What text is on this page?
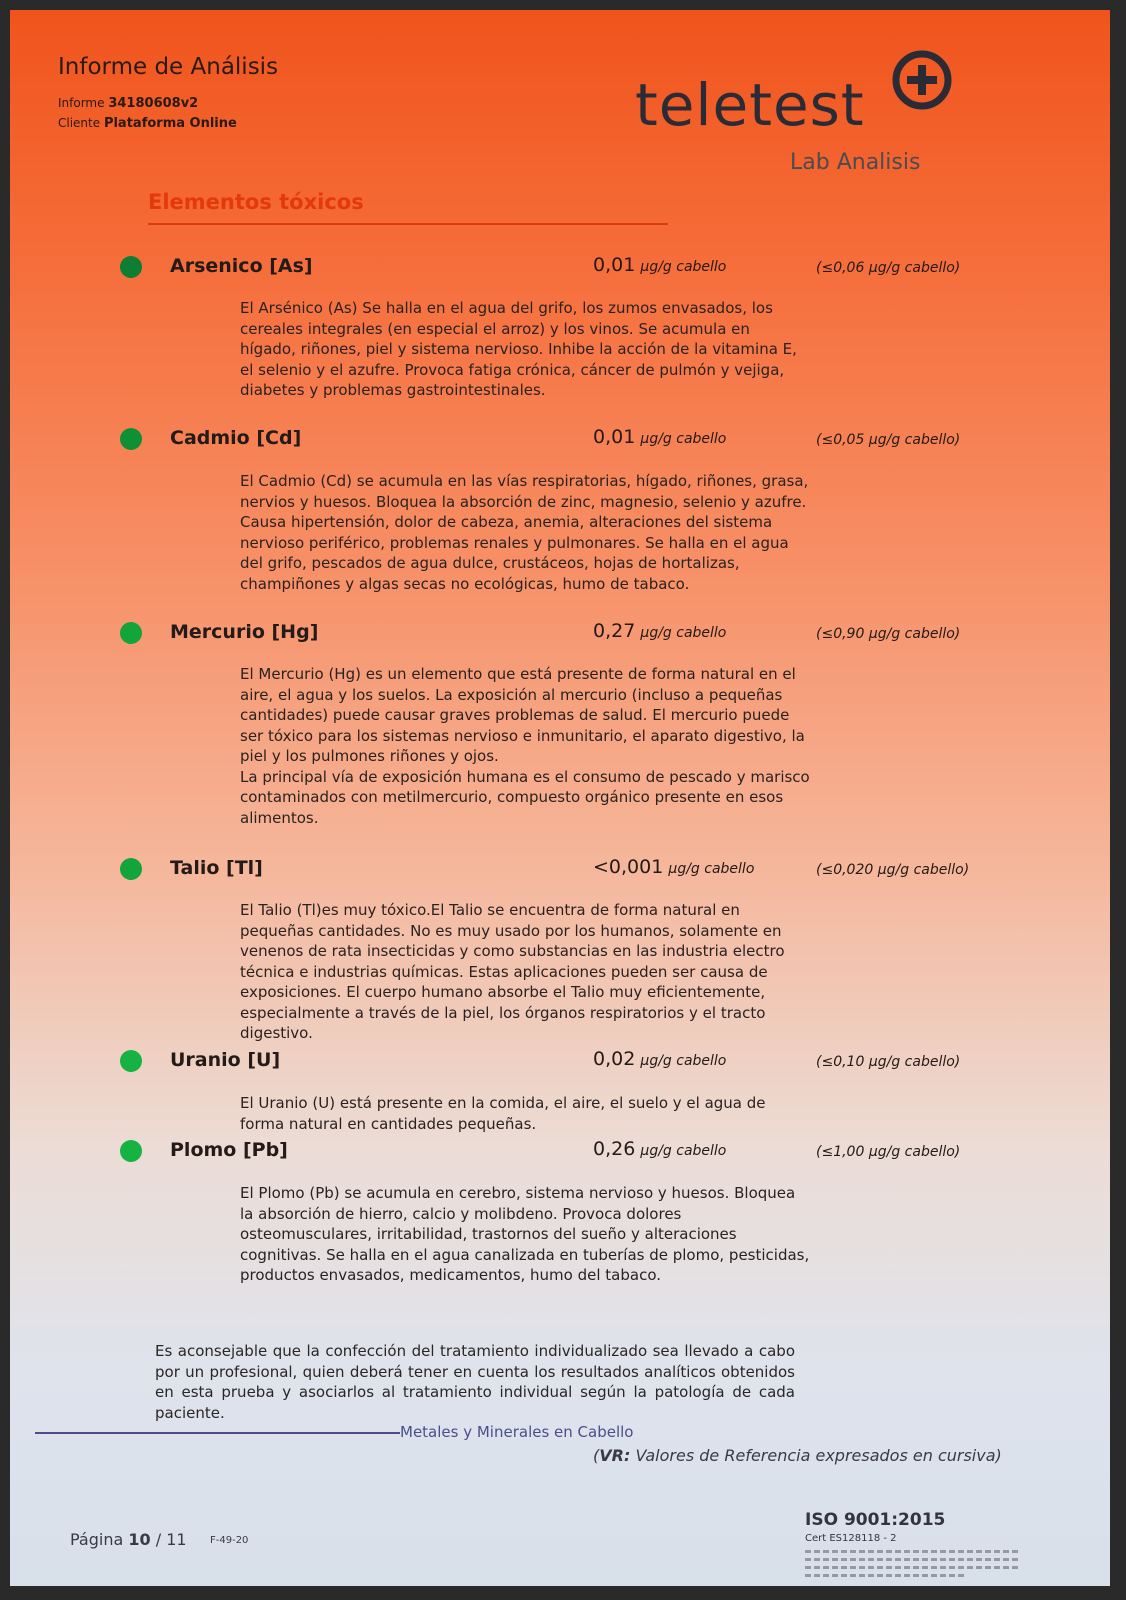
Informe de Análisis
Informe 34180608v2
Cliente Plataforma Online	teletest
Lab Analisis
Elementos tóxicos
Arsenico [As]	0,01 μg/g cabello	(≤0,06 μg/g cabello)

El Arsénico (As) Se halla en el agua del grifo, los zumos envasados, los cereales integrales (en especial el arroz) y los vinos. Se acumula en hígado, riñones, piel y sistema nervioso. Inhibe la acción de la vitamina E, el selenio y el azufre. Provoca fatiga crónica, cáncer de pulmón y vejiga, diabetes y problemas gastrointestinales.

Cadmio [Cd]	0,01 μg/g cabello	(≤0,05 μg/g cabello)

El Cadmio (Cd) se acumula en las vías respiratorias, hígado, riñones, grasa, nervios y huesos. Bloquea la absorción de zinc, magnesio, selenio y azufre. Causa hipertensión, dolor de cabeza, anemia, alteraciones del sistema nervioso periférico, problemas renales y pulmonares. Se halla en el agua del grifo, pescados de agua dulce, crustáceos, hojas de hortalizas, champiñones y algas secas no ecológicas, humo de tabaco.

Mercurio [Hg]	0,27 μg/g cabello	(≤0,90 μg/g cabello)

El Mercurio (Hg) es un elemento que está presente de forma natural en el aire, el agua y los suelos. La exposición al mercurio (incluso a pequeñas cantidades) puede causar graves problemas de salud. El mercurio puede ser tóxico para los sistemas nervioso e inmunitario, el aparato digestivo, la piel y los pulmones riñones y ojos.

La principal vía de exposición humana es el consumo de pescado y marisco contaminados con metilmercurio, compuesto orgánico presente en esos alimentos.

Talio [Tl]	<0,001 μg/g cabello	(≤0,020 μg/g cabello)

El Talio (Tl)es muy tóxico.El Talio se encuentra de forma natural en pequeñas cantidades. No es muy usado por los humanos, solamente en venenos de rata insecticidas y como substancias en las industria electro técnica e industrias químicas. Estas aplicaciones pueden ser causa de exposiciones. El cuerpo humano absorbe el Talio muy eficientemente, especialmente a través de la piel, los órganos respiratorios y el tracto digestivo.

Uranio [U]	0,02 μg/g cabello	(≤0,10 μg/g cabello)

El Uranio (U) está presente en la comida, el aire, el suelo y el agua de forma natural en cantidades pequeñas.

Plomo [Pb]	0,26 μg/g cabello	(≤1,00 μg/g cabello)

El Plomo (Pb) se acumula en cerebro, sistema nervioso y huesos. Bloquea la absorción de hierro, calcio y molibdeno. Provoca dolores osteomusculares, irritabilidad, trastornos del sueño y alteraciones cognitivas. Se halla en el agua canalizada en tuberías de plomo, pesticidas, productos envasados, medicamentos, humo del tabaco.

Es aconsejable que la confección del tratamiento individualizado sea llevado a cabo por un profesional, quien deberá tener en cuenta los resultados analíticos obtenidos en esta prueba y asociarlos al tratamiento individual según la patología de cada paciente.

Metales y Minerales en Cabello
(VR: Valores de Referencia expresados en cursiva)
Página 10 / 11 F-49-20
ISO 9001:2015
Cert ES128118 - 2
